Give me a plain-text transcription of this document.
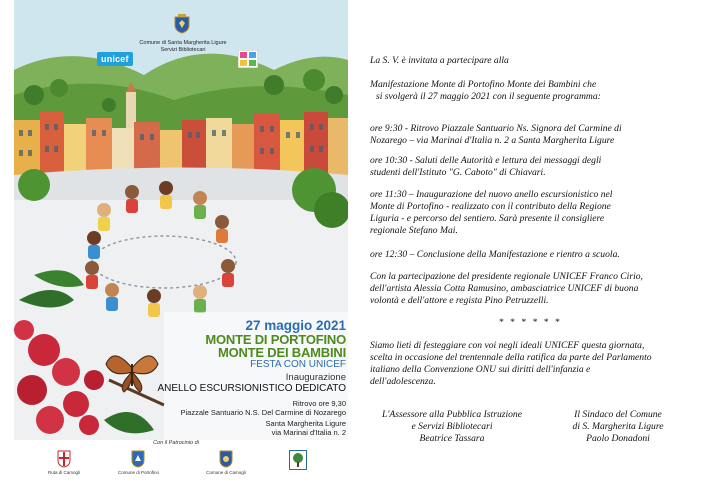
Comune di Santa Margherita Ligure
Servizi Bibliotecari
unicef
27 maggio 2021
MONTE DI PORTOFINO
MONTE DEI BAMBINI
FESTA CON UNICEF
Inaugurazione
ANELLO ESCURSIONISTICO DEDICATO
Ritrovo ore 9,30
Piazzale Santuario N.S. Del Carmine di Nozarego
Santa Margherita Ligure
via Marinai d'Italia n. 2
Con il Patrocinio di
Ruta di Camogli	Comune di Portofino	Comune di Camogli

La S. V. è invitata a partecipare alla

Manifestazione Monte di Portofino Monte dei Bambini che

si svolgerà il 27 maggio 2021 con il seguente programma:

ore 9:30 - Ritrovo Piazzale Santuario Ns. Signora del Carmine di

Nozarego – via Marinai d'Italia n. 2 a Santa Margherita Ligure

ore 10:30 - Saluti delle Autorità e lettura dei messaggi degli

studenti dell'Istituto "G. Caboto" di Chiavari.

ore 11:30 – Inaugurazione del nuovo anello escursionistico nel

Monte di Portofino - realizzato con il contributo della Regione

Liguria - e percorso del sentiero. Sarà presente il consigliere

regionale Stefano Mai.

ore 12:30 – Conclusione della Manifestazione e rientro a scuola.

Con la partecipazione del presidente regionale UNICEF Franco Cirio,

dell'artista Alessia Cotta Ramusino, ambasciatrice UNICEF di buona

volontà e dell'attore e regista Pino Petruzzelli.

* * * * * *

Siamo lieti di festeggiare con voi negli ideali UNICEF questa giornata,

scelta in occasione del trentennale della ratifica da parte del Parlamento

italiano della Convenzione ONU sui diritti dell'infanzia e

dell'adolescenza.

L'Assessore alla Pubblica Istruzione
e Servizi Bibliotecari
Beatrice Tassara
Il Sindaco del Comune
di S. Margherita Ligure
Paolo Donadoni
